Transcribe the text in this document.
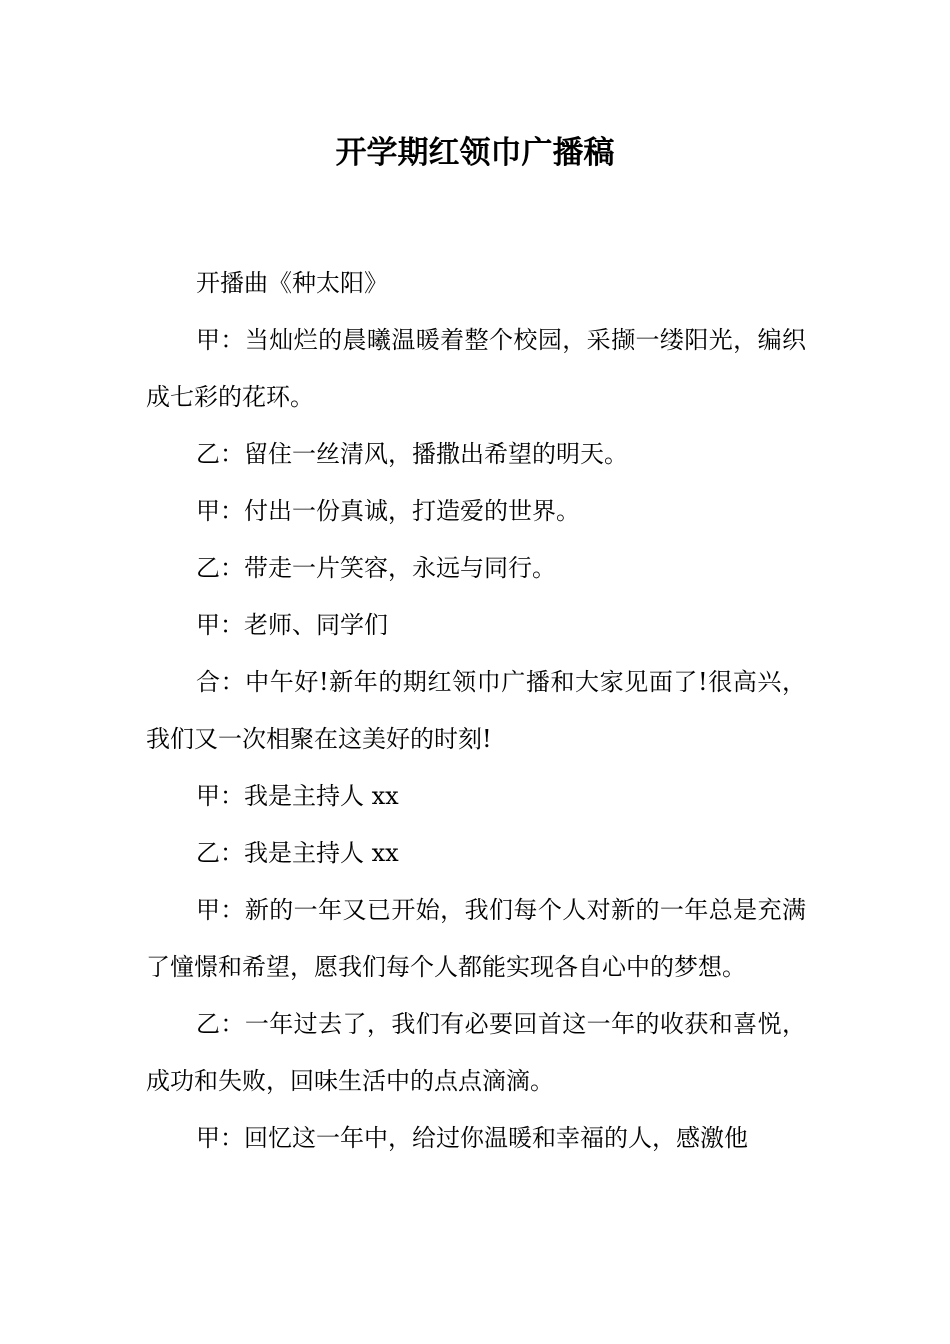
开学期红领巾广播稿

开播曲《种太阳》

甲：当灿烂的晨曦温暖着整个校园，采撷一缕阳光，编织成七彩的花环。

乙：留住一丝清风，播撒出希望的明天。

甲：付出一份真诚，打造爱的世界。

乙：带走一片笑容，永远与同行。

甲：老师、同学们

合：中午好!新年的期红领巾广播和大家见面了!很高兴，我们又一次相聚在这美好的时刻!

甲：我是主持人 xx

乙：我是主持人 xx

甲：新的一年又已开始，我们每个人对新的一年总是充满了憧憬和希望，愿我们每个人都能实现各自心中的梦想。

乙：一年过去了，我们有必要回首这一年的收获和喜悦，成功和失败，回味生活中的点点滴滴。

甲：回忆这一年中，给过你温暖和幸福的人，感激他
